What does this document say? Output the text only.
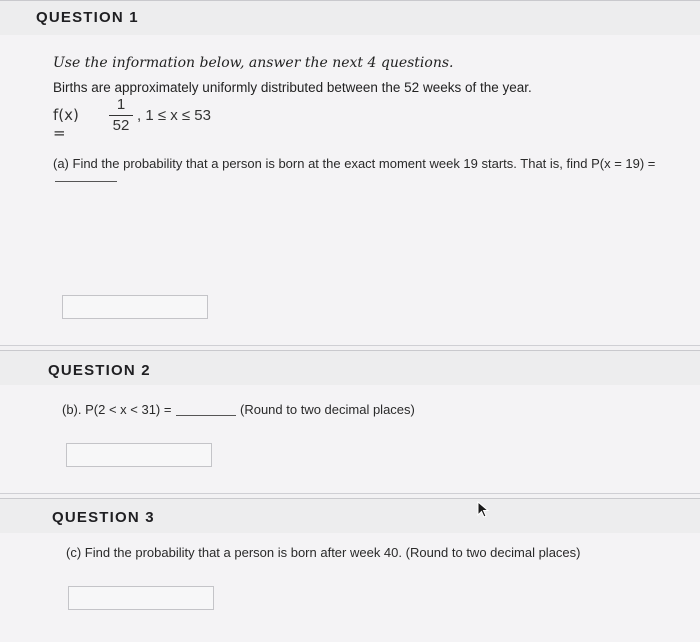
QUESTION 1
Use the information below, answer the next 4 questions.
Births are approximately uniformly distributed between the 52 weeks of the year.
f(x) =
1
52
, 1 ≤ x ≤ 53
(a) Find the probability that a person is born at the exact moment week 19 starts. That is, find P(x = 19) =
QUESTION 2
(b). P(2 < x < 31) =	(Round to two decimal places)
QUESTION 3
(c) Find the probability that a person is born after week 40. (Round to two decimal places)
